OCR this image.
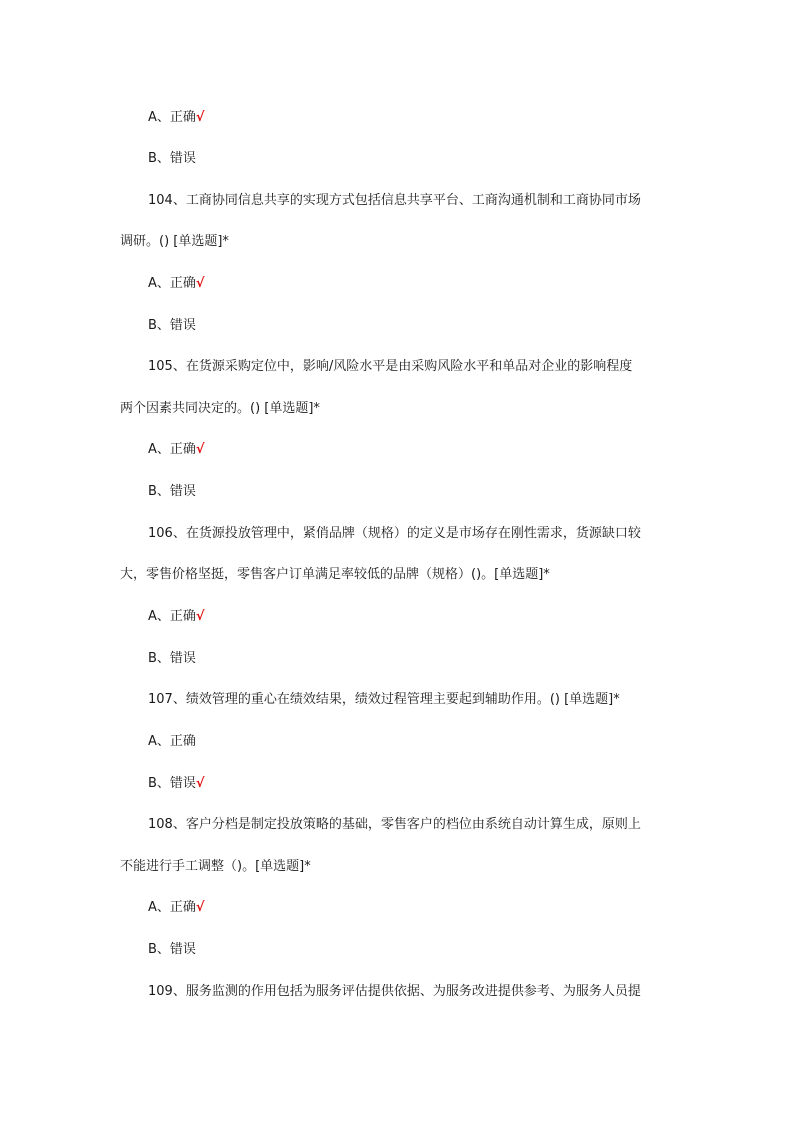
A、正确√
B、错误
104、工商协同信息共享的实现方式包括信息共享平台、工商沟通机制和工商协同市场
调研。() [单选题]*
A、正确√
B、错误
105、在货源采购定位中，影响/风险水平是由采购风险水平和单品对企业的影响程度
两个因素共同决定的。() [单选题]*
A、正确√
B、错误
106、在货源投放管理中，紧俏品牌（规格）的定义是市场存在刚性需求，货源缺口较
大，零售价格坚挺，零售客户订单满足率较低的品牌（规格）()。[单选题]*
A、正确√
B、错误
107、绩效管理的重心在绩效结果，绩效过程管理主要起到辅助作用。() [单选题]*
A、正确
B、错误√
108、客户分档是制定投放策略的基础，零售客户的档位由系统自动计算生成，原则上
不能进行手工调整（)。[单选题]*
A、正确√
B、错误
109、服务监测的作用包括为服务评估提供依据、为服务改进提供参考、为服务人员提
